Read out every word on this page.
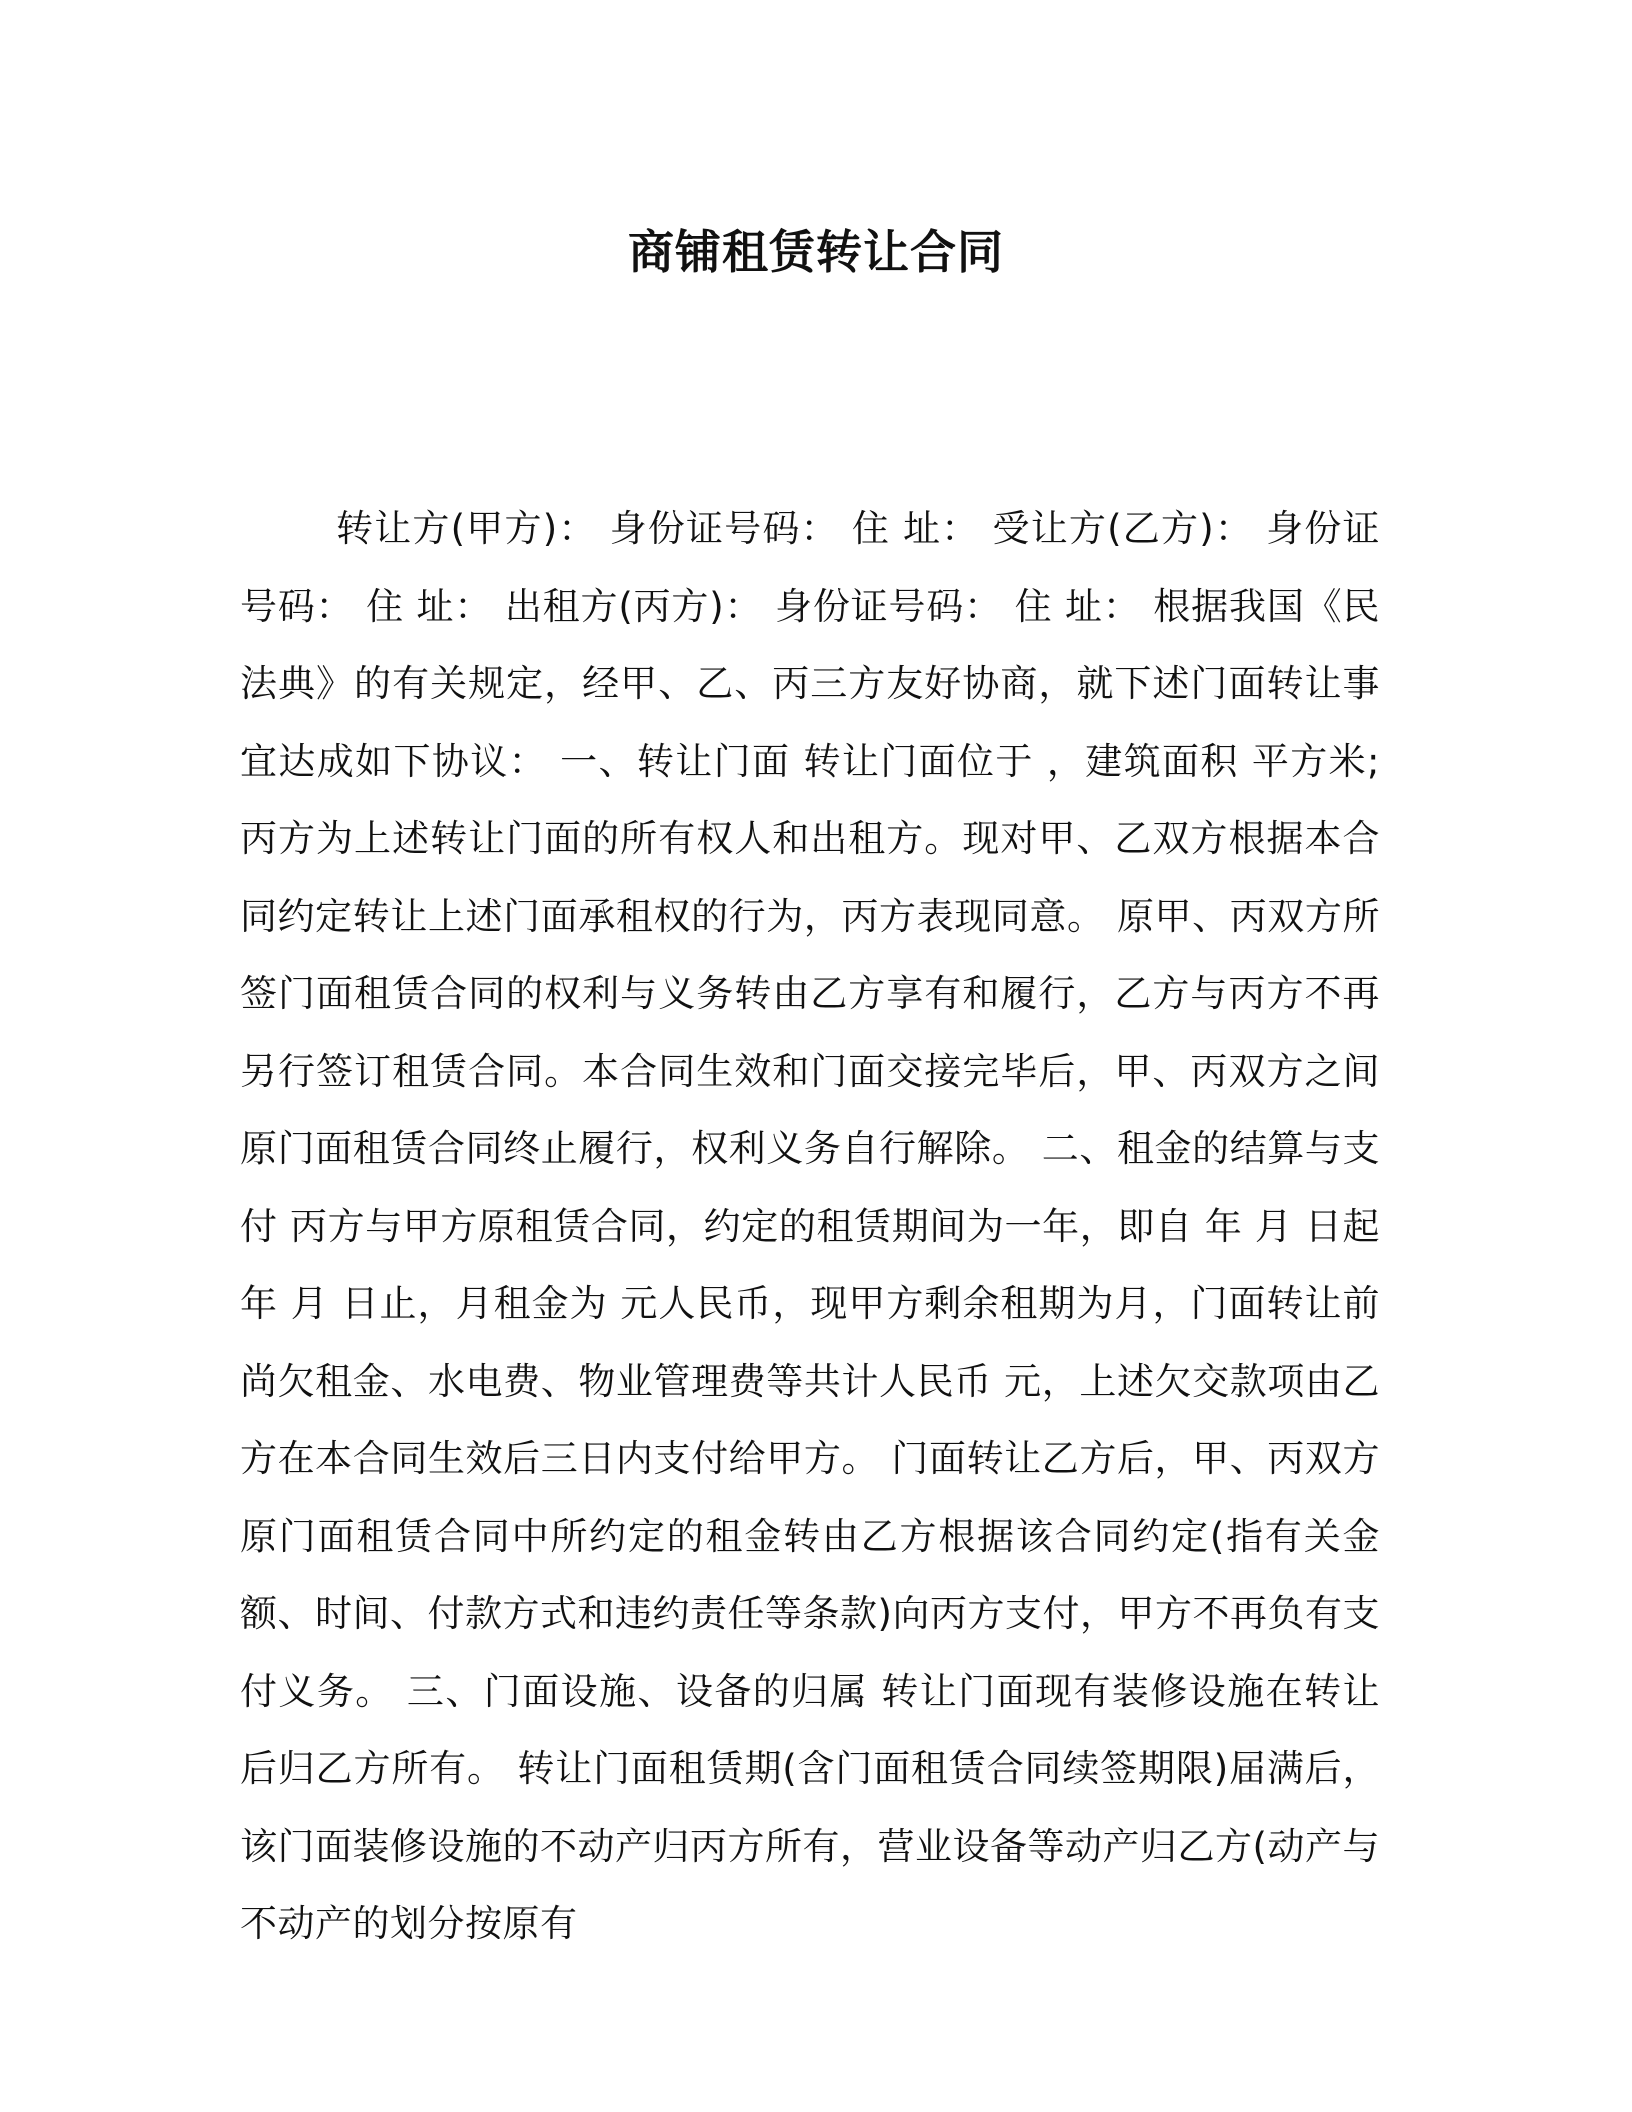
商铺租赁转让合同

转让方(甲方)： 身份证号码： 住 址： 受让方(乙方)： 身份证号码： 住 址： 出租方(丙方)： 身份证号码： 住 址： 根据我国《民法典》的有关规定，经甲、乙、丙三方友好协商，就下述门面转让事宜达成如下协议： 一、转让门面 转让门面位于 ，建筑面积 平方米; 丙方为上述转让门面的所有权人和出租方。现对甲、乙双方根据本合同约定转让上述门面承租权的行为，丙方表现同意。 原甲、丙双方所签门面租赁合同的权利与义务转由乙方享有和履行，乙方与丙方不再另行签订租赁合同。本合同生效和门面交接完毕后，甲、丙双方之间原门面租赁合同终止履行，权利义务自行解除。 二、租金的结算与支付 丙方与甲方原租赁合同，约定的租赁期间为一年，即自 年 月 日起 年 月 日止，月租金为 元人民币，现甲方剩余租期为月，门面转让前尚欠租金、水电费、物业管理费等共计人民币 元，上述欠交款项由乙方在本合同生效后三日内支付给甲方。 门面转让乙方后，甲、丙双方原门面租赁合同中所约定的租金转由乙方根据该合同约定(指有关金额、时间、付款方式和违约责任等条款)向丙方支付，甲方不再负有支付义务。 三、门面设施、设备的归属 转让门面现有装修设施在转让后归乙方所有。 转让门面租赁期(含门面租赁合同续签期限)届满后，该门面装修设施的不动产归丙方所有，营业设备等动产归乙方(动产与不动产的划分按原有
